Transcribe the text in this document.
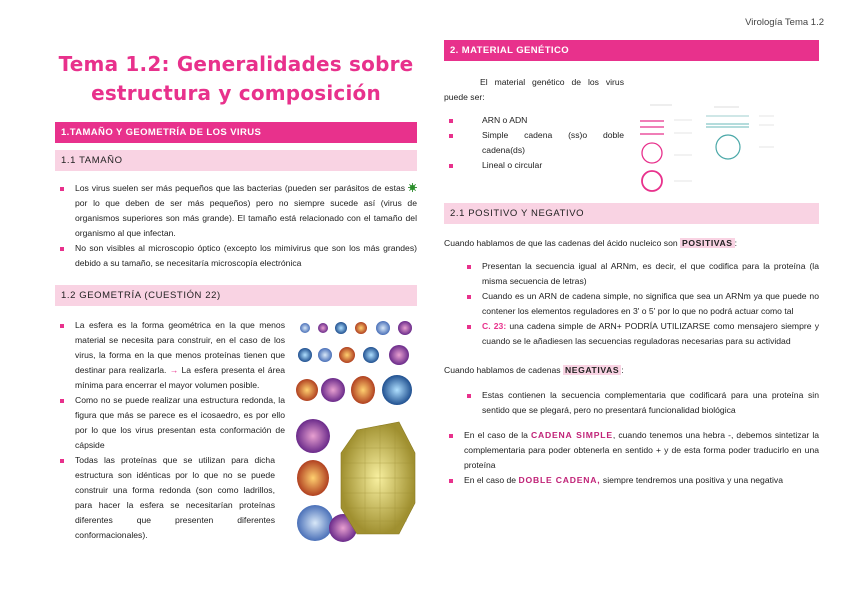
Virología Tema 1.2
Tema 1.2: Generalidades sobre
estructura y composición
1.TAMAÑO Y GEOMETRÍA DE LOS VIRUS
1.1 TAMAÑO
Los virus suelen ser más pequeños que las bacterias (pueden ser parásitos de estas  por lo que deben de ser más pequeños) pero no siempre sucede así (virus de organismos superiores son más grande). El tamaño está relacionado con el tamaño del organismo al que infectan.
No son visibles al microscopio óptico (excepto los mimivirus que son los más grandes) debido a su tamaño, se necesitaría microscopía electrónica
1.2 GEOMETRÍA (CUESTIÓN 22)
La esfera es la forma geométrica en la que menos material se necesita para construir, en el caso de los virus, la forma en la que menos proteínas tienen que destinar para realizarla. → La esfera presenta el área mínima para encerrar el mayor volumen posible.
Como no se puede realizar una estructura redonda, la figura que más se parece es el icosaedro, es por ello por lo que los virus presentan esta conformación de cápside
Todas las proteínas que se utilizan para dicha estructura son idénticas por lo que no se puede construir una forma redonda (son como ladrillos, para hacer la esfera se necesitarían proteínas diferentes que presenten diferentes conformacionales).
2. MATERIAL GENÉTICO

El material genético de los virus puede ser:

ARN o ADN
Simple cadena (ss)o doble cadena(ds)
Lineal o circular
2.1 POSITIVO Y NEGATIVO

Cuando hablamos de que las cadenas del ácido nucleico son POSITIVAS :

Presentan la secuencia igual al ARNm, es decir, el que codifica para la proteína (la misma secuencia de letras)
Cuando es un ARN de cadena simple, no significa que sea un ARNm ya que puede no contener los elementos reguladores en 3' o 5' por lo que no podrá actuar como tal
C. 23: una cadena simple de ARN+ PODRÍA UTILIZARSE como mensajero siempre y cuando se le añadiesen las secuencias reguladoras necesarias para su actividad

Cuando hablamos de cadenas NEGATIVAS :

Estas contienen la secuencia complementaria que codificará para una proteína sin sentido que se plegará, pero no presentará funcionalidad biológica
En el caso de la CADENA SIMPLE, cuando tenemos una hebra -, debemos sintetizar la complementaria para poder obtenerla en sentido + y de esta forma poder traducirlo en una proteína
En el caso de DOBLE CADENA, siempre tendremos una positiva y una negativa
